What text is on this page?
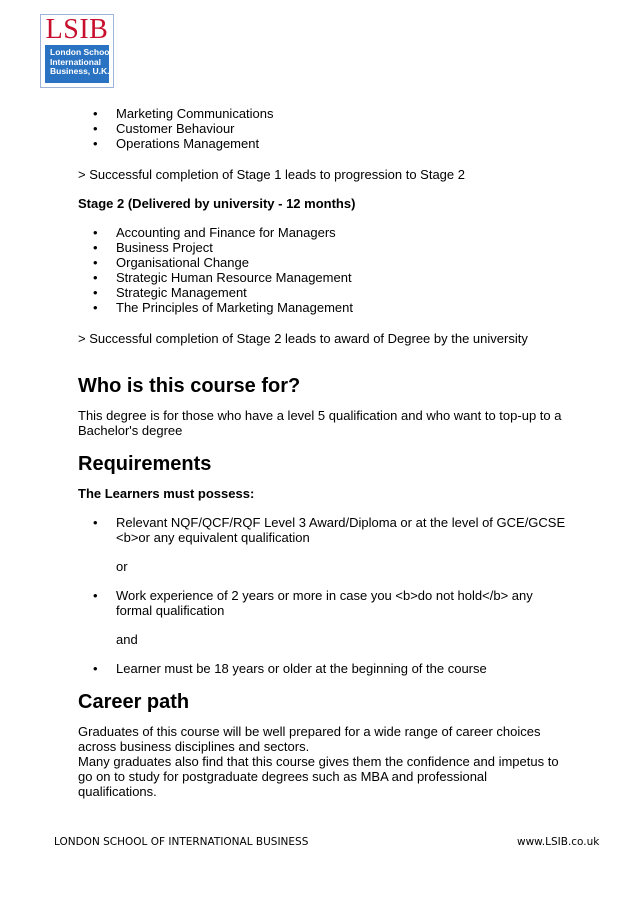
LSIB
London School of
International
Business, U.K.
• Marketing Communications
• Customer Behaviour
• Operations Management

> Successful completion of Stage 1 leads to progression to Stage 2

Stage 2 (Delivered by university - 12 months)

• Accounting and Finance for Managers
• Business Project
• Organisational Change
• Strategic Human Resource Management
• Strategic Management
• The Principles of Marketing Management

> Successful completion of Stage 2 leads to award of Degree by the university

Who is this course for?

This degree is for those who have a level 5 qualification and who want to top-up to a Bachelor's degree

Requirements

The Learners must possess:

• Relevant NQF/QCF/RQF Level 3 Award/Diploma or at the level of GCE/GCSE <b>or any equivalent qualification

or

• Work experience of 2 years or more in case you <b>do not hold</b> any formal qualification

and

• Learner must be 18 years or older at the beginning of the course
Career path

Graduates of this course will be well prepared for a wide range of career choices across business disciplines and sectors.

Many graduates also find that this course gives them the confidence and impetus to go on to study for postgraduate degrees such as MBA and professional qualifications.

LONDON SCHOOL OF INTERNATIONAL BUSINESS	www.LSIB.co.uk
